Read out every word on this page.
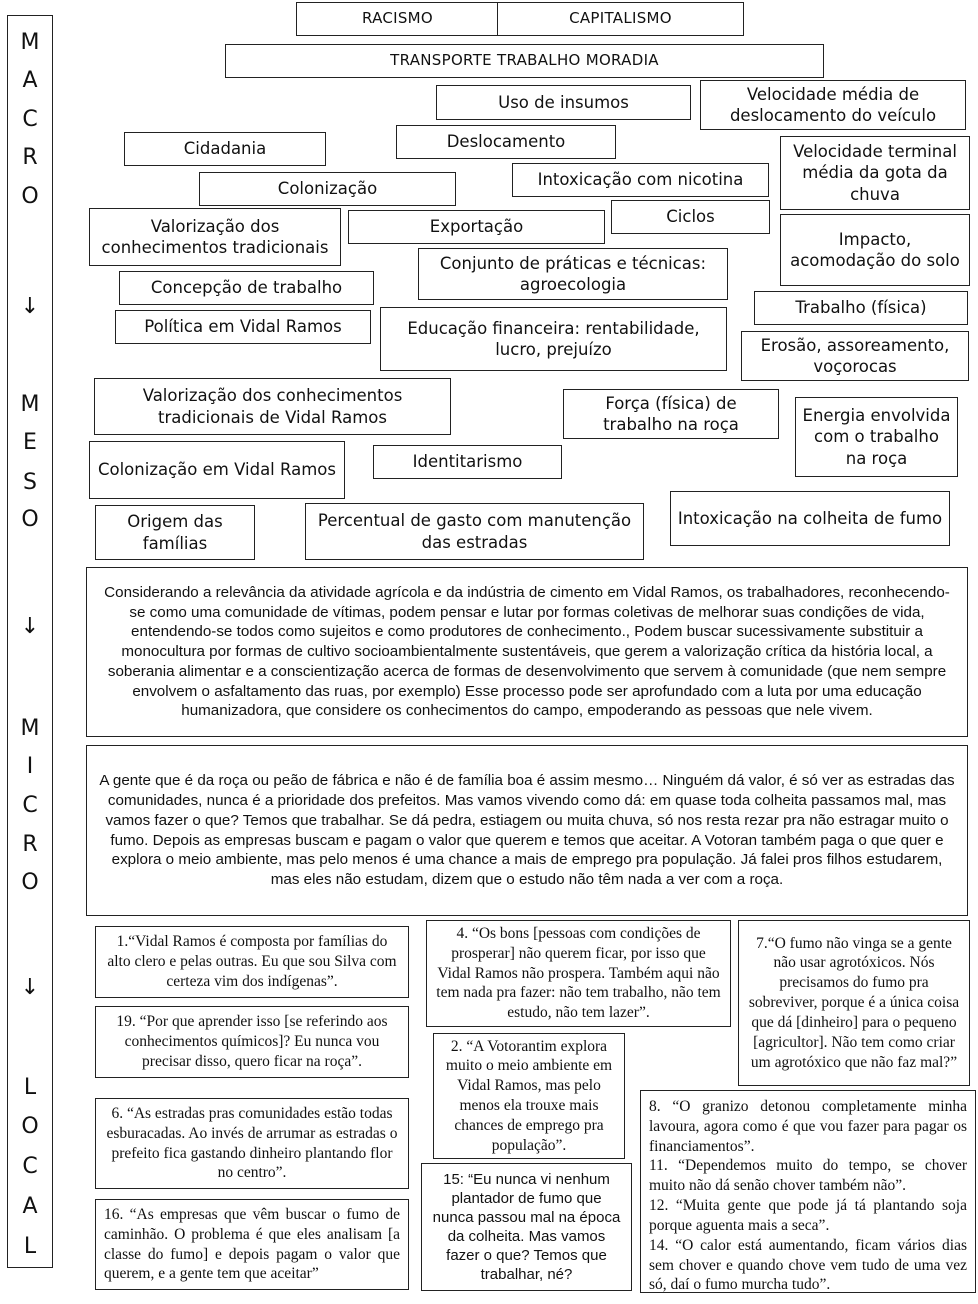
M
A
C
R
O
↓
M
E
S
O
↓
M
I
C
R
O
↓
L
O
C
A
L
RACISMO	CAPITALISMO
TRANSPORTE TRABALHO MORADIA
Uso de insumos	Velocidade média de deslocamento do veículo
Deslocamento
Cidadania	Velocidade terminal média da gota da chuva
Colonização	Intoxicação com nicotina
Ciclos
Valorização dos conhecimentos tradicionais
Exportação
Impacto, acomodação do solo
Conjunto de práticas e técnicas: agroecologia
Concepção de trabalho
Trabalho (física)
Política em Vidal Ramos	Educação financeira: rentabilidade, lucro, prejuízo	Erosão, assoreamento, voçorocas
Valorização dos conhecimentos tradicionais de Vidal Ramos
Força (física) de trabalho na roça	Energia envolvida com o trabalho na roça
Colonização em Vidal Ramos	Identitarismo
Origem das famílias
Percentual de gasto com manutenção das estradas
Intoxicação na colheita de fumo
Considerando a relevância da atividade agrícola e da indústria de cimento em Vidal Ramos, os trabalhadores, reconhecendo-se como uma comunidade de vítimas, podem pensar e lutar por formas coletivas de melhorar suas condições de vida, entendendo-se todos como sujeitos e como produtores de conhecimento., Podem buscar sucessivamente substituir a monocultura por formas de cultivo socioambientalmente sustentáveis, que gerem a valorização crítica da história local, a soberania alimentar e a conscientização acerca de formas de desenvolvimento que servem à comunidade (que nem sempre envolvem o asfaltamento das ruas, por exemplo) Esse processo pode ser aprofundado com a luta por uma educação humanizadora, que considere os conhecimentos do campo, empoderando as pessoas que nele vivem.
A gente que é da roça ou peão de fábrica e não é de família boa é assim mesmo… Ninguém dá valor, é só ver as estradas das comunidades, nunca é a prioridade dos prefeitos. Mas vamos vivendo como dá: em quase toda colheita passamos mal, mas vamos fazer o que? Temos que trabalhar. Se dá pedra, estiagem ou muita chuva, só nos resta rezar pra não estragar muito o fumo. Depois as empresas buscam e pagam o valor que querem e temos que aceitar. A Votoran também paga o que quer e explora o meio ambiente, mas pelo menos é uma chance a mais de emprego pra população. Já falei pros filhos estudarem, mas eles não estudam, dizem que o estudo não têm nada a ver com a roça.
1.“Vidal Ramos é composta por famílias do alto clero e pelas outras. Eu que sou Silva com certeza vim dos indígenas”.
4. “Os bons [pessoas com condições de prosperar] não querem ficar, por isso que Vidal Ramos não prospera. Também aqui não tem nada pra fazer: não tem trabalho, não tem estudo, não tem lazer”.
7.“O fumo não vinga se a gente não usar agrotóxicos. Nós precisamos do fumo pra sobreviver, porque é a única coisa que dá [dinheiro] para o pequeno [agricultor]. Não tem como criar um agrotóxico que não faz mal?”
19. “Por que aprender isso [se referindo aos conhecimentos químicos]? Eu nunca vou precisar disso, quero ficar na roça”.
2. “A Votorantim explora muito o meio ambiente em Vidal Ramos, mas pelo menos ela trouxe mais chances de emprego pra população”.
6. “As estradas pras comunidades estão todas esburacadas. Ao invés de arrumar as estradas o prefeito fica gastando dinheiro plantando flor no centro”.

8. “O granizo detonou completamente minha lavoura, agora como é que vou fazer para pagar os financiamentos”.

11. “Dependemos muito do tempo, se chover muito não dá senão chover também não”.

12. “Muita gente que pode já tá plantando soja porque aguenta mais a seca”.

14. “O calor está aumentando, ficam vários dias sem chover e quando chove vem tudo de uma vez só, daí o fumo murcha tudo”.

15: “Eu nunca vi nenhum plantador de fumo que nunca passou mal na época da colheita. Mas vamos fazer o que? Temos que trabalhar, né?
16. “As empresas que vêm buscar o fumo de caminhão. O problema é que eles analisam [a classe do fumo] e depois pagam o valor que querem, e a gente tem que aceitar”
